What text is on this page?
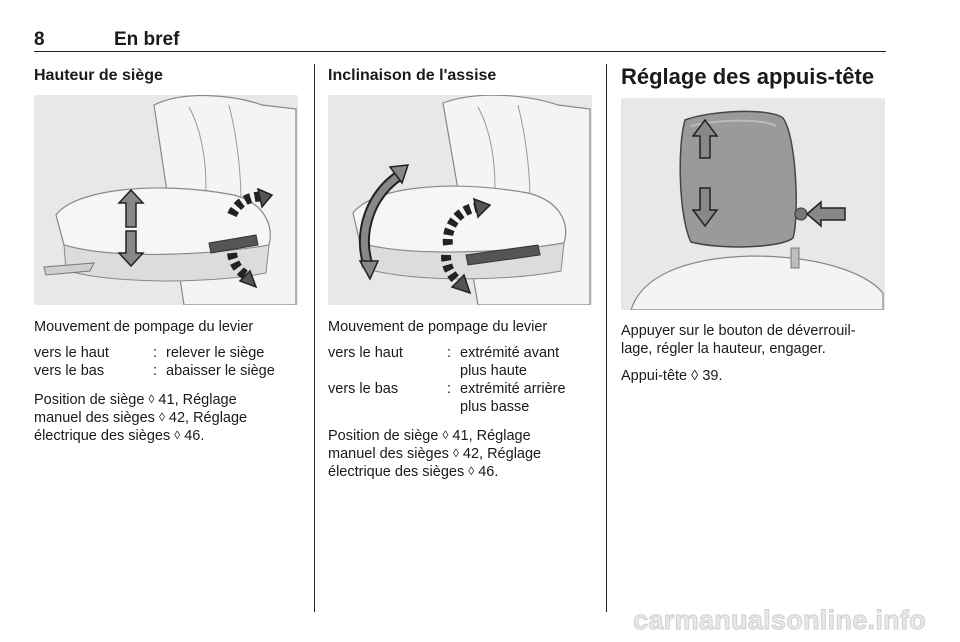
8	En bref
Hauteur de siège

Mouvement de pompage du levier

vers le haut	: relever le siège
vers le bas	: abaisser le siège

Position de siège ◊ 41, Réglage
manuel des sièges ◊ 42, Réglage
électrique des sièges ◊ 46.

Inclinaison de l'assise

Mouvement de pompage du levier

vers le haut	: extrémité avant
plus haute
vers le bas	: extrémité arrière
plus basse

Position de siège ◊ 41, Réglage
manuel des sièges ◊ 42, Réglage
électrique des sièges ◊ 46.

Réglage des appuis-tête

Appuyer sur le bouton de déverrouil-
lage, régler la hauteur, engager.

Appui-tête ◊ 39.

carmanualsonline.info
